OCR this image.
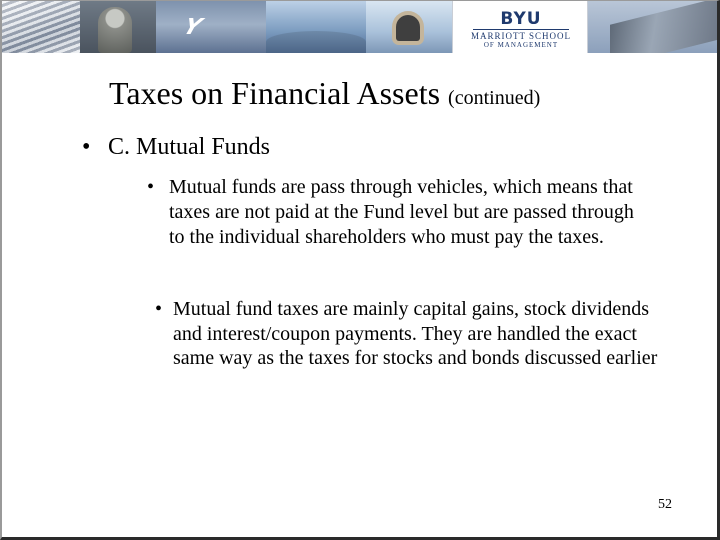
Y	BYU
MARRIOTT SCHOOL
OF MANAGEMENT
Taxes on Financial Assets (continued)
• C. Mutual Funds
• Mutual funds are pass through vehicles, which means that taxes are not paid at the Fund level but are passed through to the individual shareholders who must pay the taxes.
• Mutual fund taxes are mainly capital gains, stock dividends and interest/coupon payments. They are handled the exact same way as the taxes for stocks and bonds discussed earlier
52
